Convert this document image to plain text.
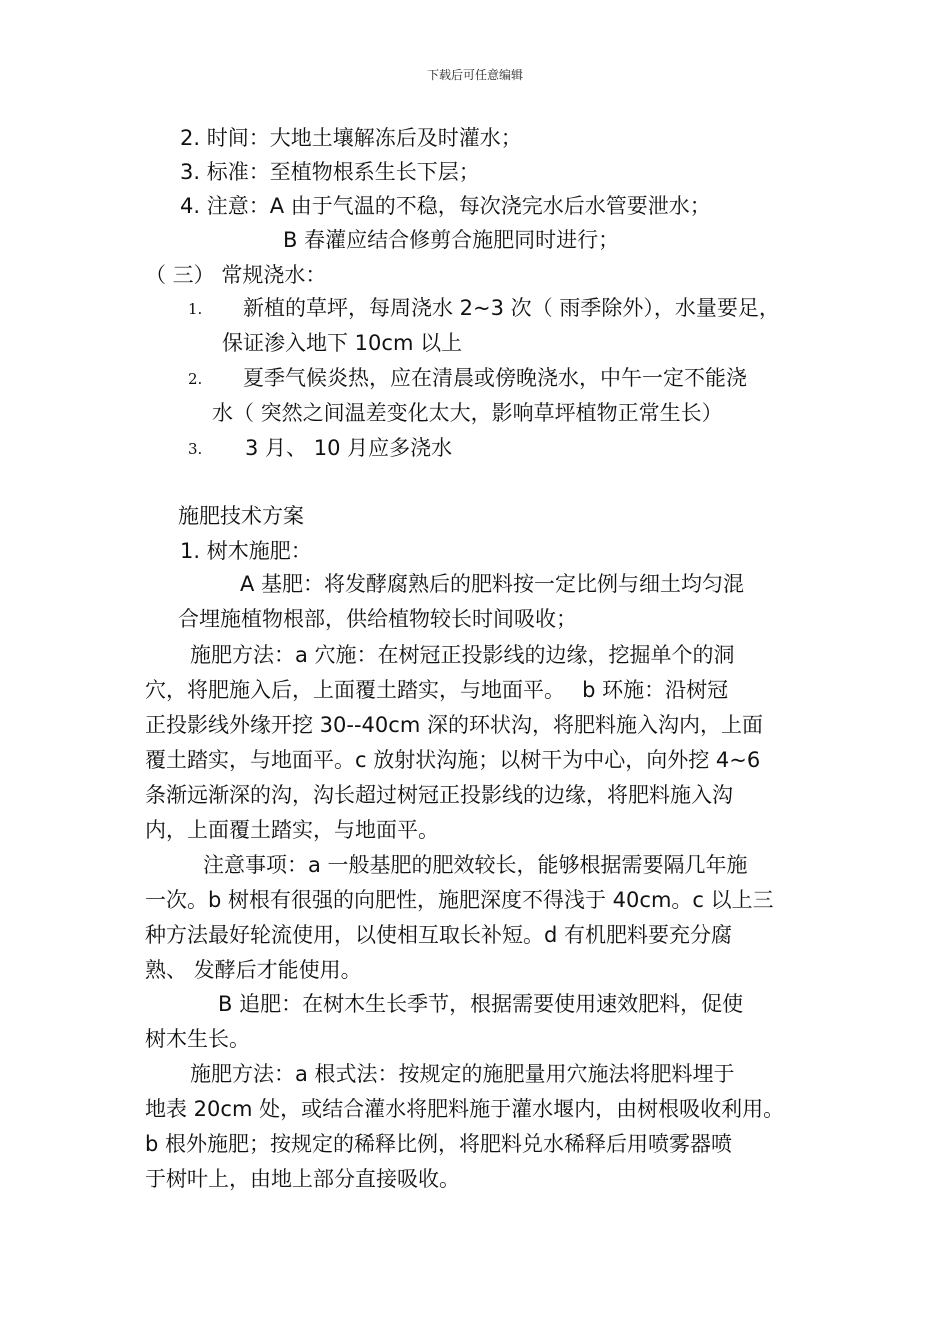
下载后可任意编辑
2. 时间：大地土壤解冻后及时灌水；
3. 标准：至植物根系生长下层；
4. 注意：A 由于气温的不稳，每次浇完水后水管要泄水；
B 春灌应结合修剪合施肥同时进行；
（ 三） 常规浇水：
1. 新植的草坪，每周浇水 2~3 次（ 雨季除外），水量要足，
保证渗入地下 10cm 以上
2. 夏季气候炎热，应在清晨或傍晚浇水，中午一定不能浇
水（ 突然之间温差变化太大，影响草坪植物正常生长）
3. 3 月、 10 月应多浇水
施肥技术方案
1. 树木施肥：
A 基肥：将发酵腐熟后的肥料按一定比例与细土均匀混
合埋施植物根部，供给植物较长时间吸收；
施肥方法：a 穴施：在树冠正投影线的边缘，挖掘单个的洞
穴，将肥施入后，上面覆土踏实，与地面平。　 b 环施：沿树冠
正投影线外缘开挖 30--40cm 深的环状沟，将肥料施入沟内，上面
覆土踏实，与地面平。c 放射状沟施；以树干为中心，向外挖 4~6
条渐远渐深的沟，沟长超过树冠正投影线的边缘，将肥料施入沟
内，上面覆土踏实，与地面平。
注意事项：a 一般基肥的肥效较长，能够根据需要隔几年施
一次。b 树根有很强的向肥性，施肥深度不得浅于 40cm。c 以上三
种方法最好轮流使用，以使相互取长补短。d 有机肥料要充分腐
熟、 发酵后才能使用。
B 追肥：在树木生长季节，根据需要使用速效肥料，促使
树木生长。
施肥方法：a 根式法：按规定的施肥量用穴施法将肥料埋于
地表 20cm 处，或结合灌水将肥料施于灌水堰内，由树根吸收利用。
b 根外施肥；按规定的稀释比例，将肥料兑水稀释后用喷雾器喷
于树叶上，由地上部分直接吸收。
